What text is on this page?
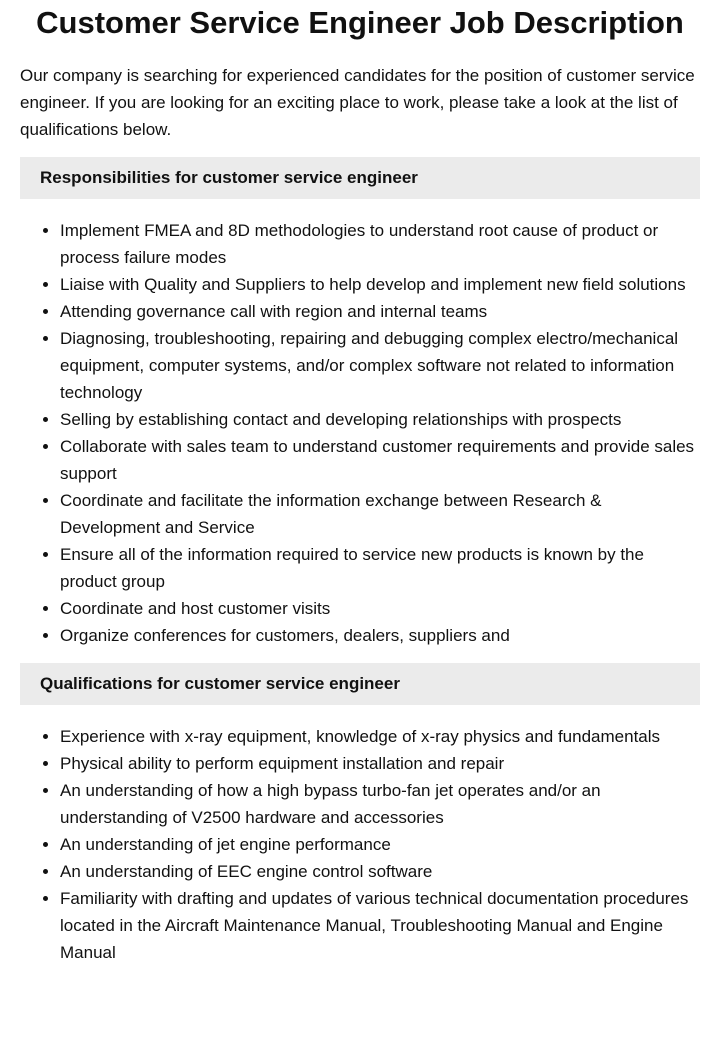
Customer Service Engineer Job Description

Our company is searching for experienced candidates for the position of customer service engineer. If you are looking for an exciting place to work, please take a look at the list of qualifications below.

Responsibilities for customer service engineer
• Implement FMEA and 8D methodologies to understand root cause of product or process failure modes
• Liaise with Quality and Suppliers to help develop and implement new field solutions
• Attending governance call with region and internal teams
• Diagnosing, troubleshooting, repairing and debugging complex electro/mechanical equipment, computer systems, and/or complex software not related to information technology
• Selling by establishing contact and developing relationships with prospects
• Collaborate with sales team to understand customer requirements and provide sales support
• Coordinate and facilitate the information exchange between Research & Development and Service
• Ensure all of the information required to service new products is known by the product group
• Coordinate and host customer visits
• Organize conferences for customers, dealers, suppliers and
Qualifications for customer service engineer
• Experience with x-ray equipment, knowledge of x-ray physics and fundamentals
• Physical ability to perform equipment installation and repair
• An understanding of how a high bypass turbo-fan jet operates and/or an understanding of V2500 hardware and accessories
• An understanding of jet engine performance
• An understanding of EEC engine control software
• Familiarity with drafting and updates of various technical documentation procedures located in the Aircraft Maintenance Manual, Troubleshooting Manual and Engine Manual
